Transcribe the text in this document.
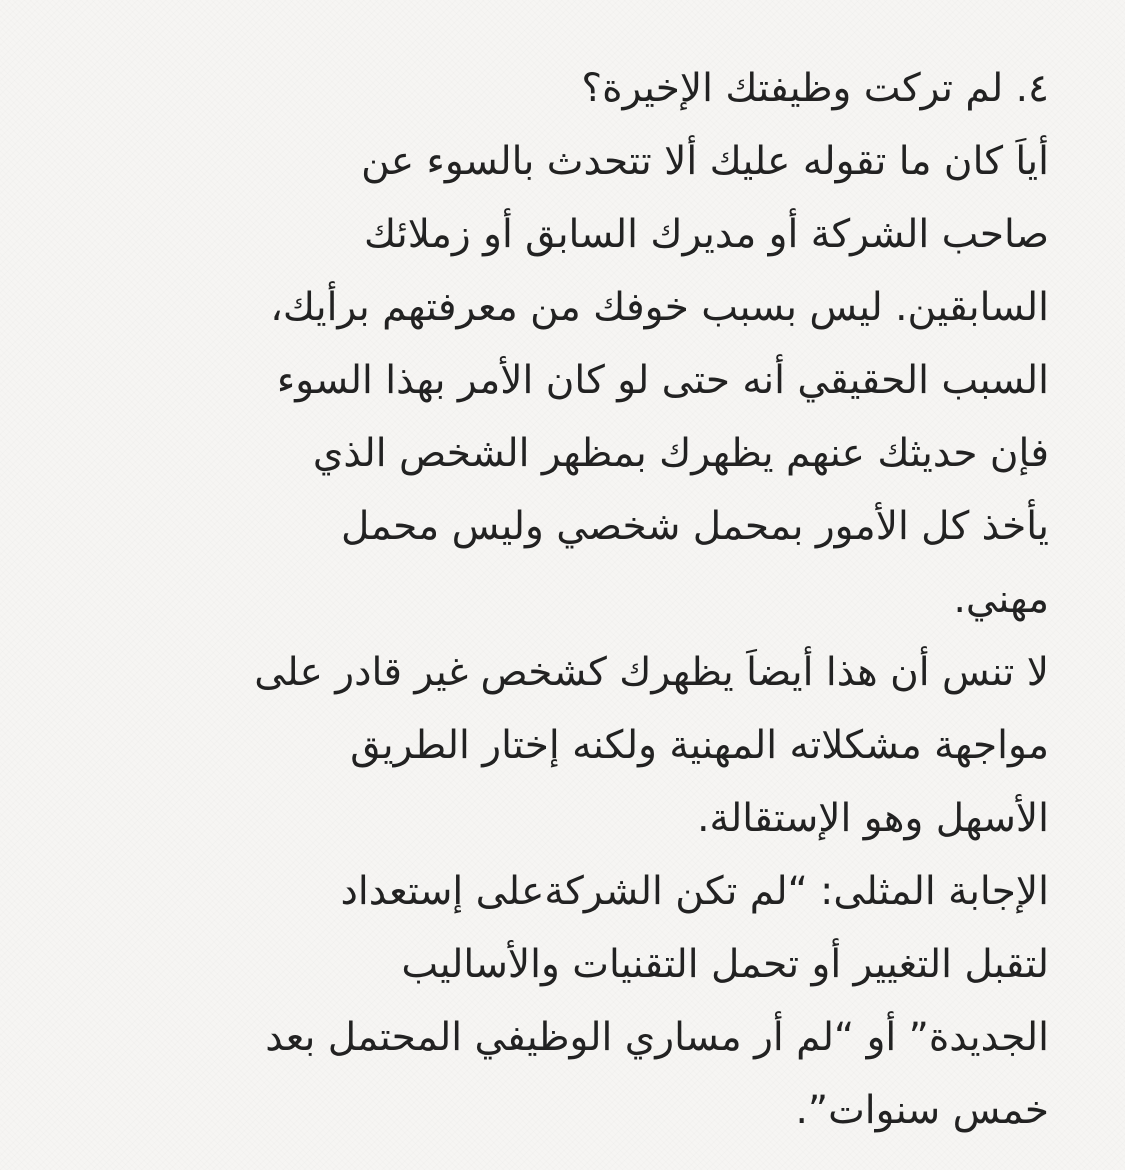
٤. لم تركت وظيفتك الإخيرة؟
أياَ كان ما تقوله عليك ألا تتحدث بالسوء عن
صاحب الشركة أو مديرك السابق أو زملائك
السابقين. ليس بسبب خوفك من معرفتهم برأيك،
السبب الحقيقي أنه حتى لو كان الأمر بهذا السوء
فإن حديثك عنهم يظهرك بمظهر الشخص الذي
يأخذ كل الأمور بمحمل شخصي وليس محمل
مهني.
لا تنس أن هذا أيضاَ يظهرك كشخص غير قادر على
مواجهة مشكلاته المهنية ولكنه إختار الطريق
الأسهل وهو الإستقالة.
الإجابة المثلى: “لم تكن الشركةعلى إستعداد
لتقبل التغيير أو تحمل التقنيات والأساليب
الجديدة” أو “لم أر مساري الوظيفي المحتمل بعد
خمس سنوات”.
